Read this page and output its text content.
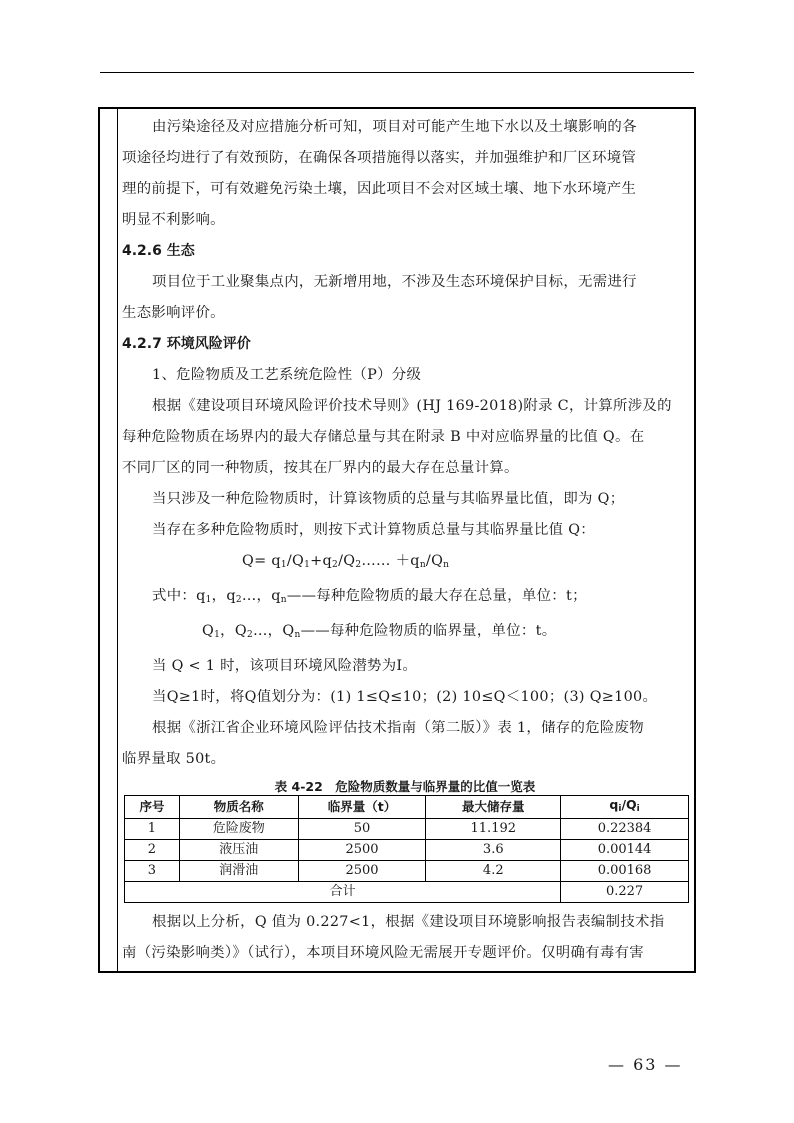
由污染途径及对应措施分析可知，项目对可能产生地下水以及土壤影响的各

项途径均进行了有效预防，在确保各项措施得以落实，并加强维护和厂区环境管

理的前提下，可有效避免污染土壤，因此项目不会对区域土壤、地下水环境产生

明显不利影响。

4.2.6 生态

项目位于工业聚集点内，无新增用地，不涉及生态环境保护目标，无需进行

生态影响评价。

4.2.7 环境风险评价

1、危险物质及工艺系统危险性（P）分级

根据《建设项目环境风险评价技术导则》(HJ 169-2018)附录 C，计算所涉及的

每种危险物质在场界内的最大存储总量与其在附录 B 中对应临界量的比值 Q。在

不同厂区的同一种物质，按其在厂界内的最大存在总量计算。

当只涉及一种危险物质时，计算该物质的总量与其临界量比值，即为 Q；

当存在多种危险物质时，则按下式计算物质总量与其临界量比值 Q：

$Q= q_1/Q_1+q_2/Q_2\dots\dots +q_n/Q_n$

式中：$q_1$，$q_2\dots$，$q_n——$每种危险物质的最大存在总量，单位：t；

$Q_1$，$Q_2\dots$，$Q_n——$每种危险物质的临界量，单位：t。

当 Q < 1 时，该项目环境风险潜势为Ⅰ。

当Q≥1时，将Q值划分为：(1) 1≤Q≤10；(2) 10≤Q＜100；(3) Q≥100。

根据《浙江省企业环境风险评估技术指南（第二版）》表 1，储存的危险废物

临界量取 50t。

表 4-22　危险物质数量与临界量的比值一览表
序号	物质名称	临界量（t）	最大储存量	$q_i/Q_i$
1	危险废物	50	11.192	0.22384
2	液压油	2500	3.6	0.00144
3	润滑油	2500	4.2	0.00168
合计				0.227

根据以上分析，Q 值为 0.227<1，根据《建设项目环境影响报告表编制技术指

南（污染影响类）》（试行），本项目环境风险无需展开专题评价。仅明确有毒有害

— 63 —
